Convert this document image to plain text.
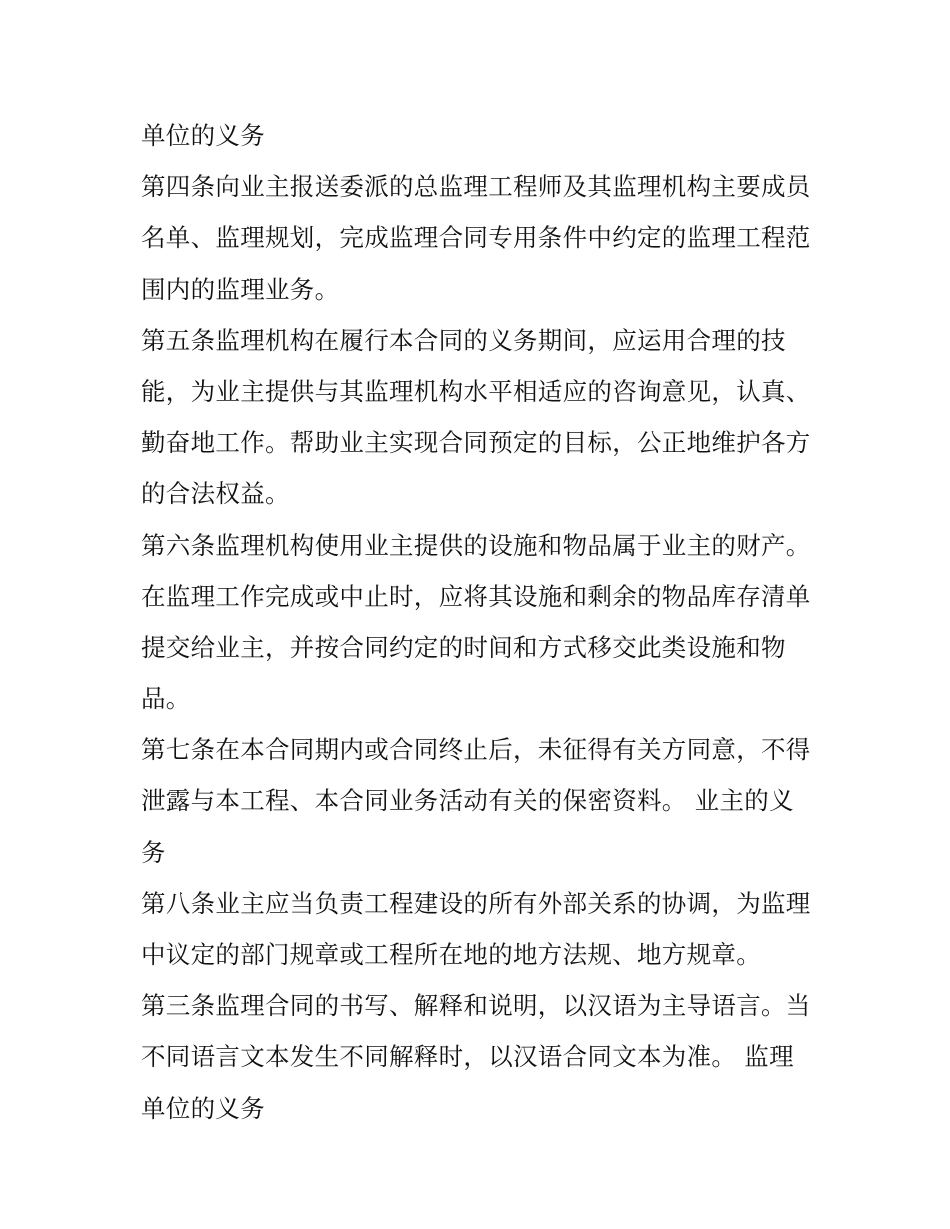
单位的义务
第四条向业主报送委派的总监理工程师及其监理机构主要成员
名单、监理规划，完成监理合同专用条件中约定的监理工程范
围内的监理业务。
第五条监理机构在履行本合同的义务期间，应运用合理的技
能，为业主提供与其监理机构水平相适应的咨询意见，认真、
勤奋地工作。帮助业主实现合同预定的目标，公正地维护各方
的合法权益。
第六条监理机构使用业主提供的设施和物品属于业主的财产。
在监理工作完成或中止时，应将其设施和剩余的物品库存清单
提交给业主，并按合同约定的时间和方式移交此类设施和物
品。
第七条在本合同期内或合同终止后，未征得有关方同意，不得
泄露与本工程、本合同业务活动有关的保密资料。 业主的义
务
第八条业主应当负责工程建设的所有外部关系的协调，为监理
中议定的部门规章或工程所在地的地方法规、地方规章。
第三条监理合同的书写、解释和说明，以汉语为主导语言。当
不同语言文本发生不同解释时，以汉语合同文本为准。 监理
单位的义务
